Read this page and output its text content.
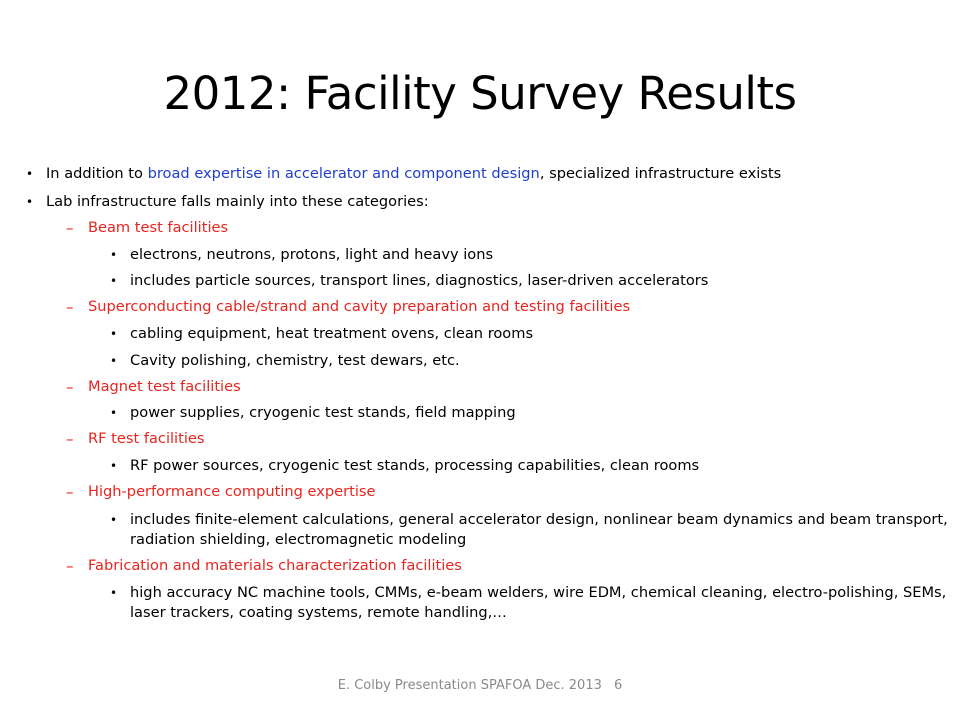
2012: Facility Survey Results
• In addition to broad expertise in accelerator and component design, specialized infrastructure exists
• Lab infrastructure falls mainly into these categories:
– Beam test facilities
• electrons, neutrons, protons, light and heavy ions
• includes particle sources, transport lines, diagnostics, laser-driven accelerators
– Superconducting cable/strand and cavity preparation and testing facilities
• cabling equipment, heat treatment ovens, clean rooms
• Cavity polishing, chemistry, test dewars, etc.
– Magnet test facilities
• power supplies, cryogenic test stands, field mapping
– RF test facilities
• RF power sources, cryogenic test stands, processing capabilities, clean rooms
– High-performance computing expertise
• includes finite-element calculations, general accelerator design, nonlinear beam dynamics and beam transport, radiation shielding, electromagnetic modeling
– Fabrication and materials characterization facilities
• high accuracy NC machine tools, CMMs, e-beam welders, wire EDM, chemical cleaning, electro-polishing, SEMs, laser trackers, coating systems, remote handling,…
E. Colby Presentation SPAFOA Dec. 2013 6
